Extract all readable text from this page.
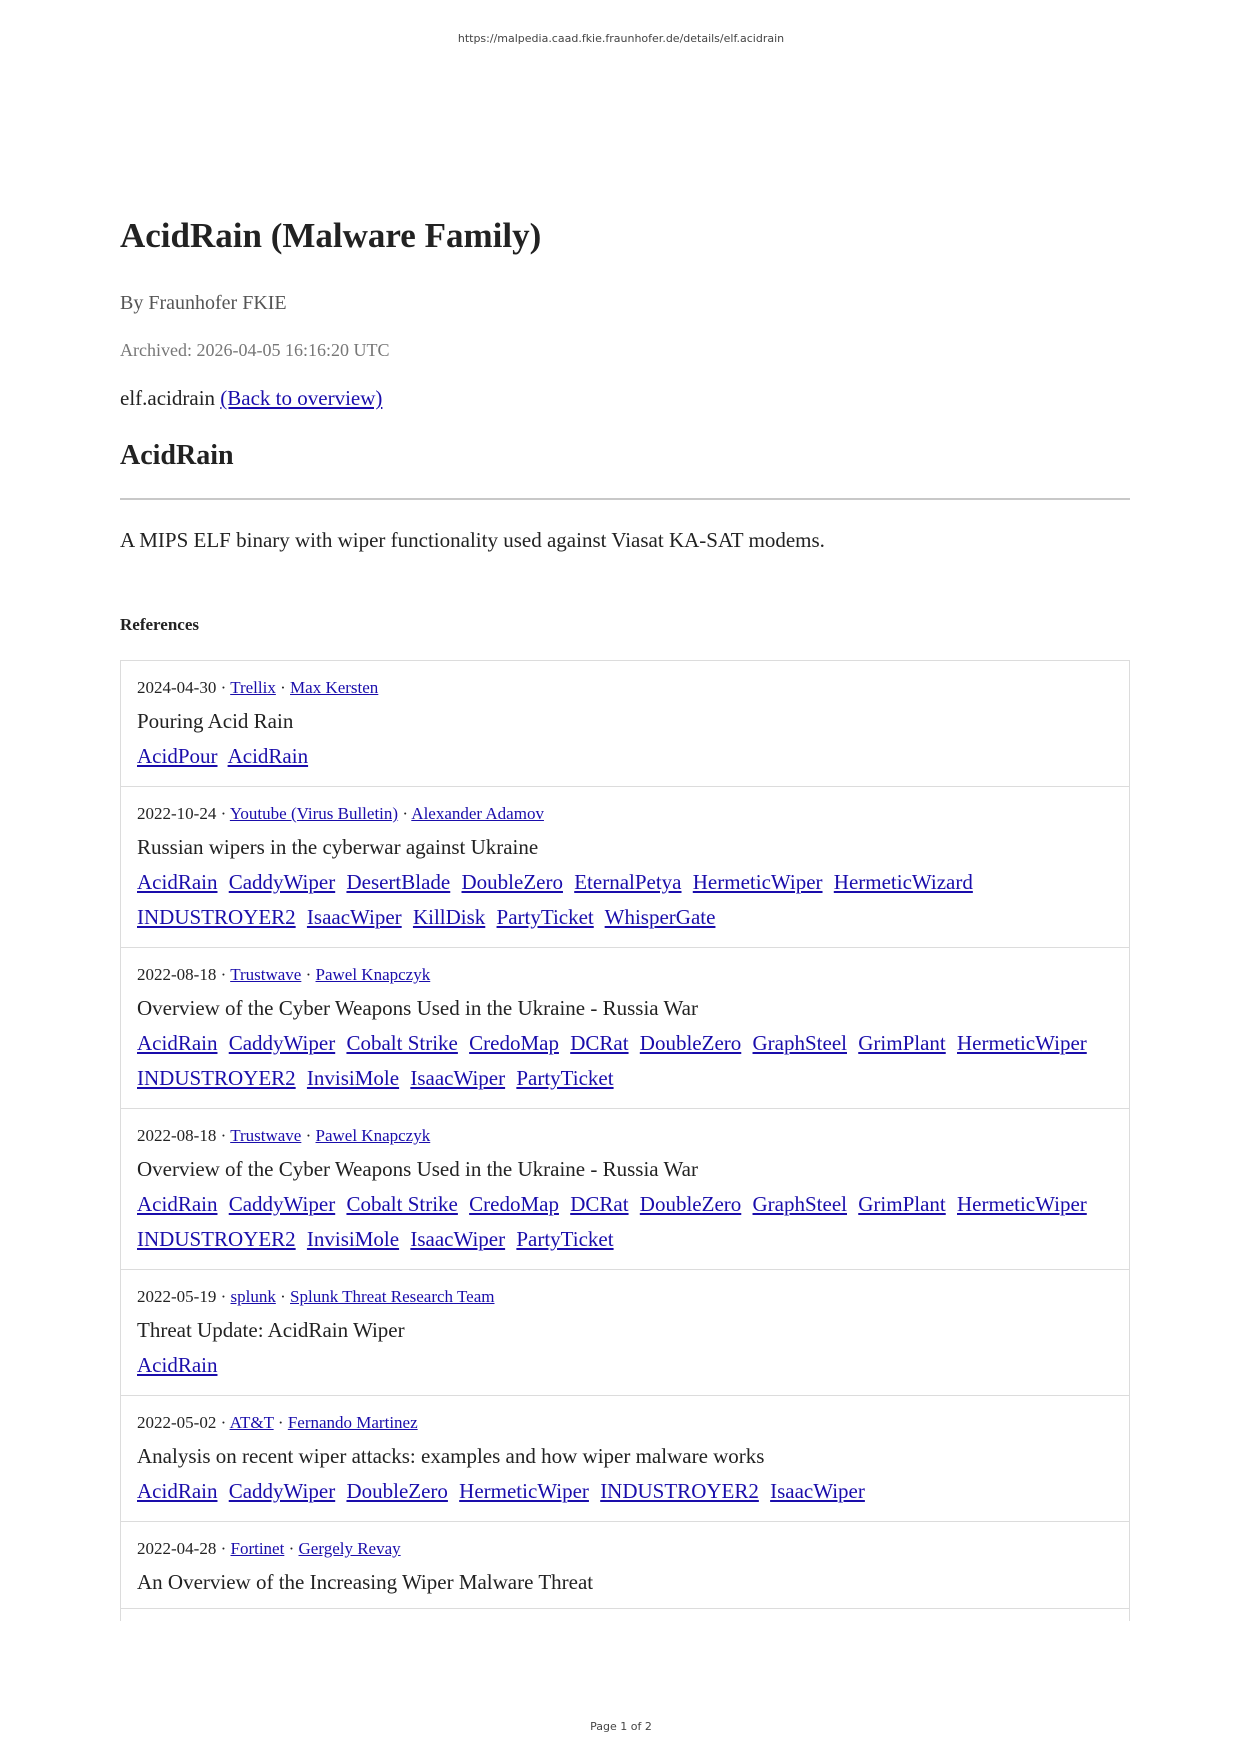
https://malpedia.caad.fkie.fraunhofer.de/details/elf.acidrain
AcidRain (Malware Family)
By Fraunhofer FKIE
Archived: 2026-04-05 16:16:20 UTC
elf.acidrain (Back to overview)
AcidRain
A MIPS ELF binary with wiper functionality used against Viasat KA-SAT modems.
References
2024-04-30 · Trellix · Max Kersten
Pouring Acid Rain
AcidPour AcidRain
2022-10-24 · Youtube (Virus Bulletin) · Alexander Adamov
Russian wipers in the cyberwar against Ukraine
AcidRain CaddyWiper DesertBlade DoubleZero EternalPetya HermeticWiper HermeticWizard INDUSTROYER2 IsaacWiper KillDisk PartyTicket WhisperGate
2022-08-18 · Trustwave · Pawel Knapczyk
Overview of the Cyber Weapons Used in the Ukraine - Russia War
AcidRain CaddyWiper Cobalt Strike CredoMap DCRat DoubleZero GraphSteel GrimPlant HermeticWiper INDUSTROYER2 InvisiMole IsaacWiper PartyTicket
2022-08-18 · Trustwave · Pawel Knapczyk
Overview of the Cyber Weapons Used in the Ukraine - Russia War
AcidRain CaddyWiper Cobalt Strike CredoMap DCRat DoubleZero GraphSteel GrimPlant HermeticWiper INDUSTROYER2 InvisiMole IsaacWiper PartyTicket
2022-05-19 · splunk · Splunk Threat Research Team
Threat Update: AcidRain Wiper
AcidRain
2022-05-02 · AT&T · Fernando Martinez
Analysis on recent wiper attacks: examples and how wiper malware works
AcidRain CaddyWiper DoubleZero HermeticWiper INDUSTROYER2 IsaacWiper
2022-04-28 · Fortinet · Gergely Revay
An Overview of the Increasing Wiper Malware Threat
Page 1 of 2
